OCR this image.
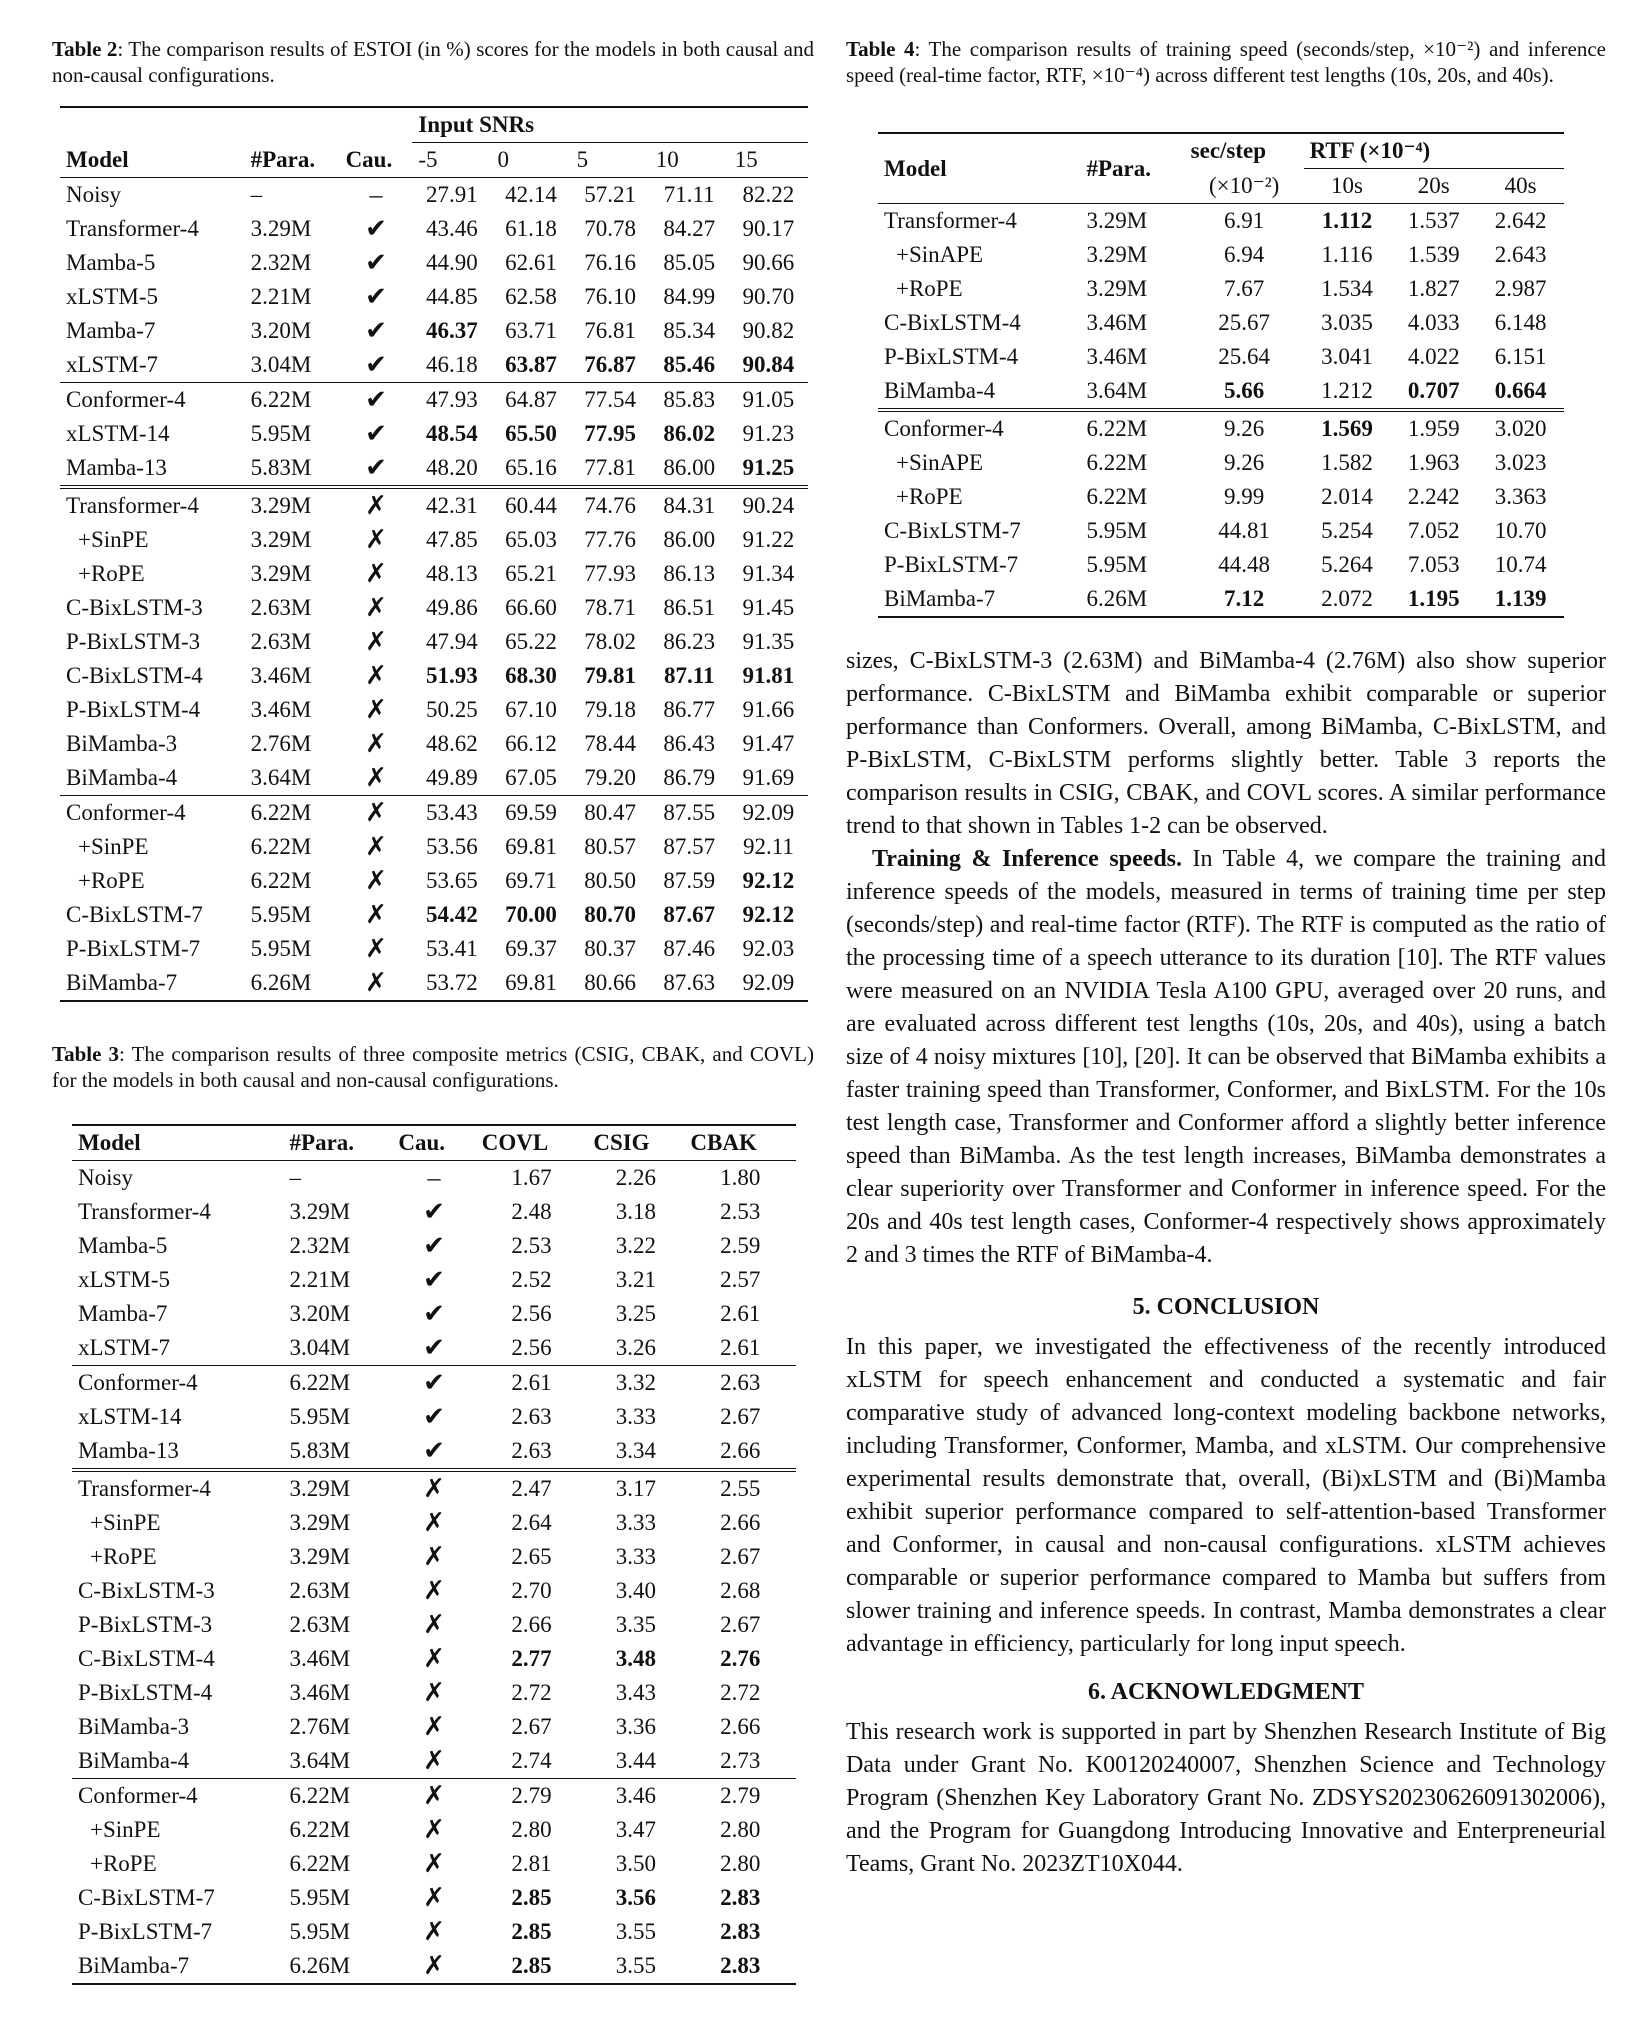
Table 2: The comparison results of ESTOI (in %) scores for the models in both causal and non-causal configurations.

			Input SNRs				
Model	#Para.	Cau.	-5	0	5	10	15
Noisy	–	–	27.91	42.14	57.21	71.11	82.22
Transformer-4	3.29M	✔	43.46	61.18	70.78	84.27	90.17
Mamba-5	2.32M	✔	44.90	62.61	76.16	85.05	90.66
xLSTM-5	2.21M	✔	44.85	62.58	76.10	84.99	90.70
Mamba-7	3.20M	✔	46.37	63.71	76.81	85.34	90.82
xLSTM-7	3.04M	✔	46.18	63.87	76.87	85.46	90.84
Conformer-4	6.22M	✔	47.93	64.87	77.54	85.83	91.05
xLSTM-14	5.95M	✔	48.54	65.50	77.95	86.02	91.23
Mamba-13	5.83M	✔	48.20	65.16	77.81	86.00	91.25
Transformer-4	3.29M	✗	42.31	60.44	74.76	84.31	90.24
+SinPE	3.29M	✗	47.85	65.03	77.76	86.00	91.22
+RoPE	3.29M	✗	48.13	65.21	77.93	86.13	91.34
C-BixLSTM-3	2.63M	✗	49.86	66.60	78.71	86.51	91.45
P-BixLSTM-3	2.63M	✗	47.94	65.22	78.02	86.23	91.35
C-BixLSTM-4	3.46M	✗	51.93	68.30	79.81	87.11	91.81
P-BixLSTM-4	3.46M	✗	50.25	67.10	79.18	86.77	91.66
BiMamba-3	2.76M	✗	48.62	66.12	78.44	86.43	91.47
BiMamba-4	3.64M	✗	49.89	67.05	79.20	86.79	91.69
Conformer-4	6.22M	✗	53.43	69.59	80.47	87.55	92.09
+SinPE	6.22M	✗	53.56	69.81	80.57	87.57	92.11
+RoPE	6.22M	✗	53.65	69.71	80.50	87.59	92.12
C-BixLSTM-7	5.95M	✗	54.42	70.00	80.70	87.67	92.12
P-BixLSTM-7	5.95M	✗	53.41	69.37	80.37	87.46	92.03
BiMamba-7	6.26M	✗	53.72	69.81	80.66	87.63	92.09

Table 3: The comparison results of three composite metrics (CSIG, CBAK, and COVL) for the models in both causal and non-causal configurations.

Model	#Para.	Cau.	COVL	CSIG	CBAK
Noisy	–	–	1.67	2.26	1.80
Transformer-4	3.29M	✔	2.48	3.18	2.53
Mamba-5	2.32M	✔	2.53	3.22	2.59
xLSTM-5	2.21M	✔	2.52	3.21	2.57
Mamba-7	3.20M	✔	2.56	3.25	2.61
xLSTM-7	3.04M	✔	2.56	3.26	2.61
Conformer-4	6.22M	✔	2.61	3.32	2.63
xLSTM-14	5.95M	✔	2.63	3.33	2.67
Mamba-13	5.83M	✔	2.63	3.34	2.66
Transformer-4	3.29M	✗	2.47	3.17	2.55
+SinPE	3.29M	✗	2.64	3.33	2.66
+RoPE	3.29M	✗	2.65	3.33	2.67
C-BixLSTM-3	2.63M	✗	2.70	3.40	2.68
P-BixLSTM-3	2.63M	✗	2.66	3.35	2.67
C-BixLSTM-4	3.46M	✗	2.77	3.48	2.76
P-BixLSTM-4	3.46M	✗	2.72	3.43	2.72
BiMamba-3	2.76M	✗	2.67	3.36	2.66
BiMamba-4	3.64M	✗	2.74	3.44	2.73
Conformer-4	6.22M	✗	2.79	3.46	2.79
+SinPE	6.22M	✗	2.80	3.47	2.80
+RoPE	6.22M	✗	2.81	3.50	2.80
C-BixLSTM-7	5.95M	✗	2.85	3.56	2.83
P-BixLSTM-7	5.95M	✗	2.85	3.55	2.83
BiMamba-7	6.26M	✗	2.85	3.55	2.83

Table 4: The comparison results of training speed (seconds/step, ×10⁻²) and inference speed (real-time factor, RTF, ×10⁻⁴) across different test lengths (10s, 20s, and 40s).

Model	#Para.	sec/step	RTF (×10⁻⁴)		
		(×10⁻²)	10s	20s	40s
Transformer-4	3.29M	6.91	1.112	1.537	2.642
+SinAPE	3.29M	6.94	1.116	1.539	2.643
+RoPE	3.29M	7.67	1.534	1.827	2.987
C-BixLSTM-4	3.46M	25.67	3.035	4.033	6.148
P-BixLSTM-4	3.46M	25.64	3.041	4.022	6.151
BiMamba-4	3.64M	5.66	1.212	0.707	0.664
Conformer-4	6.22M	9.26	1.569	1.959	3.020
+SinAPE	6.22M	9.26	1.582	1.963	3.023
+RoPE	6.22M	9.99	2.014	2.242	3.363
C-BixLSTM-7	5.95M	44.81	5.254	7.052	10.70
P-BixLSTM-7	5.95M	44.48	5.264	7.053	10.74
BiMamba-7	6.26M	7.12	2.072	1.195	1.139

sizes, C-BixLSTM-3 (2.63M) and BiMamba-4 (2.76M) also show superior performance. C-BixLSTM and BiMamba exhibit comparable or superior performance than Conformers. Overall, among BiMamba, C-BixLSTM, and P-BixLSTM, C-BixLSTM performs slightly better. Table 3 reports the comparison results in CSIG, CBAK, and COVL scores. A similar performance trend to that shown in Tables 1-2 can be observed.

Training & Inference speeds. In Table 4, we compare the training and inference speeds of the models, measured in terms of training time per step (seconds/step) and real-time factor (RTF). The RTF is computed as the ratio of the processing time of a speech utterance to its duration [10]. The RTF values were measured on an NVIDIA Tesla A100 GPU, averaged over 20 runs, and are evaluated across different test lengths (10s, 20s, and 40s), using a batch size of 4 noisy mixtures [10], [20]. It can be observed that BiMamba exhibits a faster training speed than Transformer, Conformer, and BixLSTM. For the 10s test length case, Transformer and Conformer afford a slightly better inference speed than BiMamba. As the test length increases, BiMamba demonstrates a clear superiority over Transformer and Conformer in inference speed. For the 20s and 40s test length cases, Conformer-4 respectively shows approximately 2 and 3 times the RTF of BiMamba-4.

5. CONCLUSION

In this paper, we investigated the effectiveness of the recently introduced xLSTM for speech enhancement and conducted a systematic and fair comparative study of advanced long-context modeling backbone networks, including Transformer, Conformer, Mamba, and xLSTM. Our comprehensive experimental results demonstrate that, overall, (Bi)xLSTM and (Bi)Mamba exhibit superior performance compared to self-attention-based Transformer and Conformer, in causal and non-causal configurations. xLSTM achieves comparable or superior performance compared to Mamba but suffers from slower training and inference speeds. In contrast, Mamba demonstrates a clear advantage in efficiency, particularly for long input speech.

6. ACKNOWLEDGMENT

This research work is supported in part by Shenzhen Research Institute of Big Data under Grant No. K00120240007, Shenzhen Science and Technology Program (Shenzhen Key Laboratory Grant No. ZDSYS20230626091302006), and the Program for Guangdong Introducing Innovative and Enterpreneurial Teams, Grant No. 2023ZT10X044.
